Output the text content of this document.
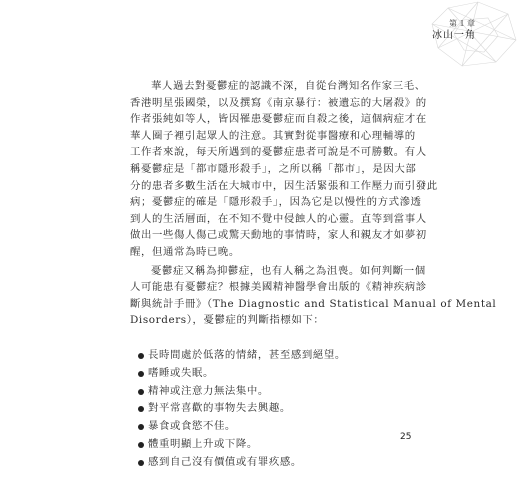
第１章
冰山一角

華人過去對憂鬱症的認識不深，自從台灣知名作家三毛、
香港明星張國榮，以及撰寫《南京暴行：被遺忘的大屠殺》的
作者張純如等人，皆因罹患憂鬱症而自殺之後，這個病症才在
華人圈子裡引起眾人的注意。其實對從事醫療和心理輔導的
工作者來說，每天所遇到的憂鬱症患者可說是不可勝數。有人
稱憂鬱症是「都市隱形殺手」，之所以稱「都市」，是因大部
分的患者多數生活在大城市中，因生活緊張和工作壓力而引發此
病；憂鬱症的確是「隱形殺手」，因為它是以慢性的方式滲透
到人的生活層面，在不知不覺中侵蝕人的心靈。直等到當事人
做出一些傷人傷己或驚天動地的事情時，家人和親友才如夢初
醒，但通常為時已晚。

憂鬱症又稱為抑鬱症，也有人稱之為沮喪。如何判斷一個
人可能患有憂鬱症？根據美國精神醫學會出版的《精神疾病診
斷與統計手冊》（The Diagnostic and Statistical Manual of Mental
Disorders），憂鬱症的判斷指標如下：

長時間處於低落的情緒，甚至感到絕望。
嗜睡或失眠。
精神或注意力無法集中。
對平常喜歡的事物失去興趣。
暴食或食慾不佳。
體重明顯上升或下降。
感到自己沒有價值或有罪疚感。
25
